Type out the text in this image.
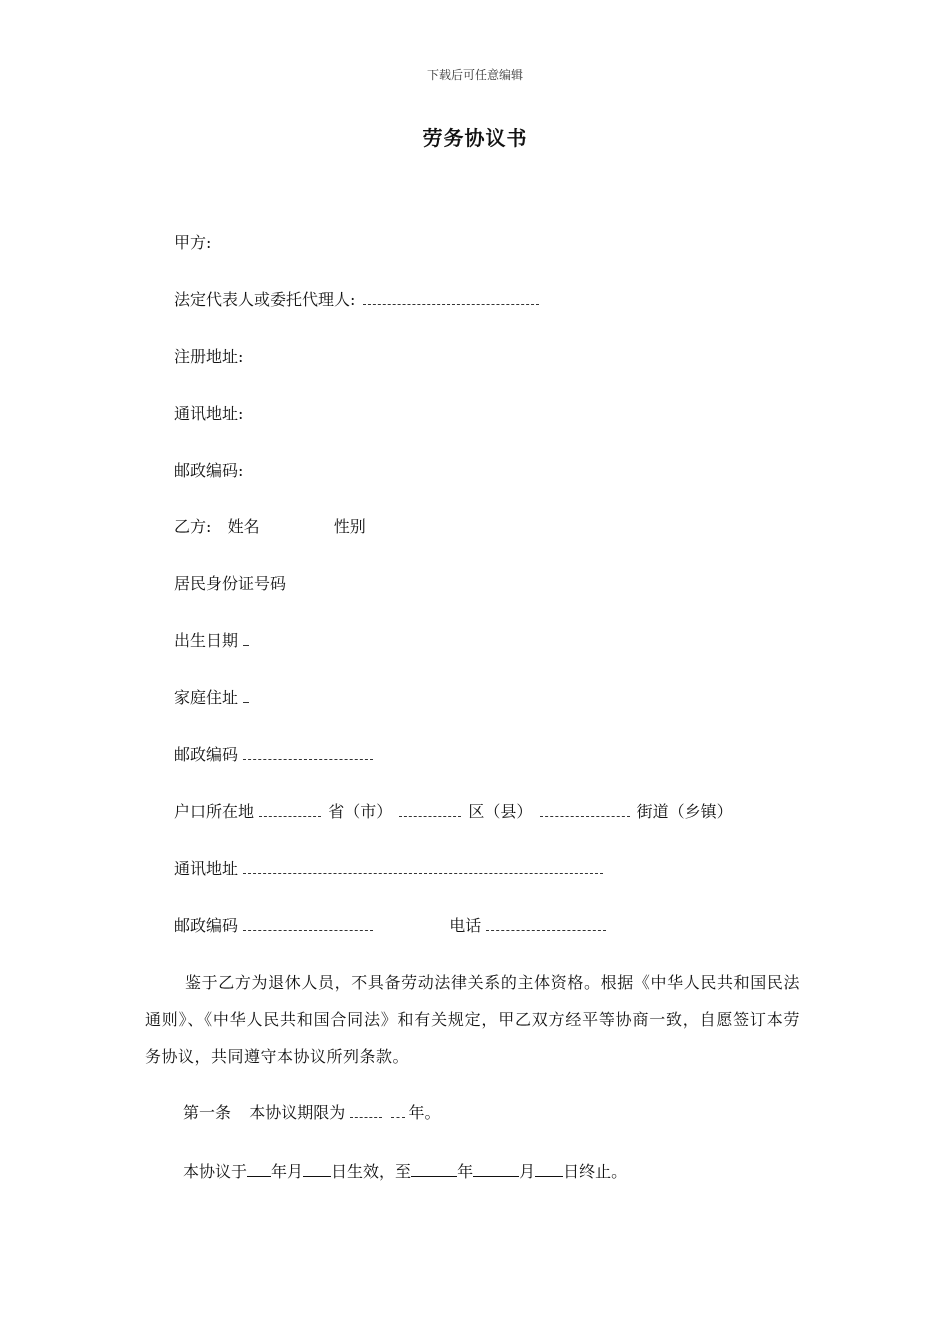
下载后可任意编辑
劳务协议书
甲方:
法定代表人或委托代理人:
注册地址:
通讯地址:
邮政编码:
乙方: 姓名	性别
居民身份证号码
出生日期
家庭住址
邮政编码
户口所在地	省（市）	区（县）	街道（乡镇）
通讯地址
邮政编码	电话
鉴于乙方为退休人员，不具备劳动法律关系的主体资格。根据《中华人民共和国民法通则》、《中华人民共和国合同法》和有关规定，甲乙双方经平等协商一致，自愿签订本劳务协议，共同遵守本协议所列条款。
第一条 本协议期限为	年。
本协议于 年月 日生效，至	年	月 日终止。
